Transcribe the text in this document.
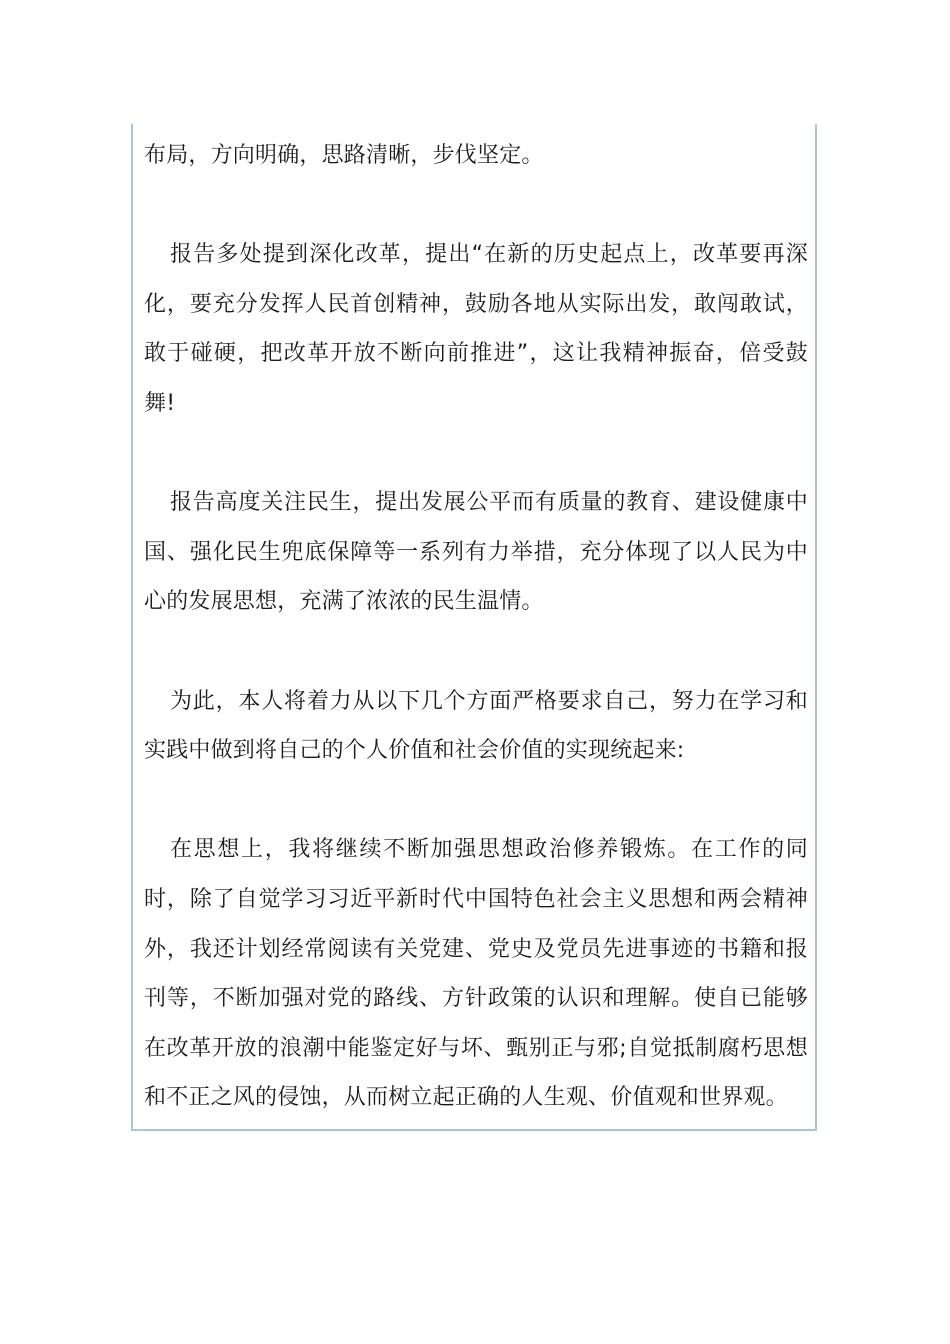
布局，方向明确，思路清晰，步伐坚定。

报告多处提到深化改革，提出“在新的历史起点上，改革要再深化，要充分发挥人民首创精神，鼓励各地从实际出发，敢闯敢试，敢于碰硬，把改革开放不断向前推进”，这让我精神振奋，倍受鼓舞!

报告高度关注民生，提出发展公平而有质量的教育、建设健康中国、强化民生兜底保障等一系列有力举措，充分体现了以人民为中心的发展思想，充满了浓浓的民生温情。

为此，本人将着力从以下几个方面严格要求自己，努力在学习和实践中做到将自己的个人价值和社会价值的实现统起来:

在思想上，我将继续不断加强思想政治修养锻炼。在工作的同时，除了自觉学习习近平新时代中国特色社会主义思想和两会精神外，我还计划经常阅读有关党建、党史及党员先进事迹的书籍和报刊等，不断加强对党的路线、方针政策的认识和理解。使自已能够在改革开放的浪潮中能鉴定好与坏、甄别正与邪;自觉抵制腐朽思想和不正之风的侵蚀，从而树立起正确的人生观、价值观和世界观。
